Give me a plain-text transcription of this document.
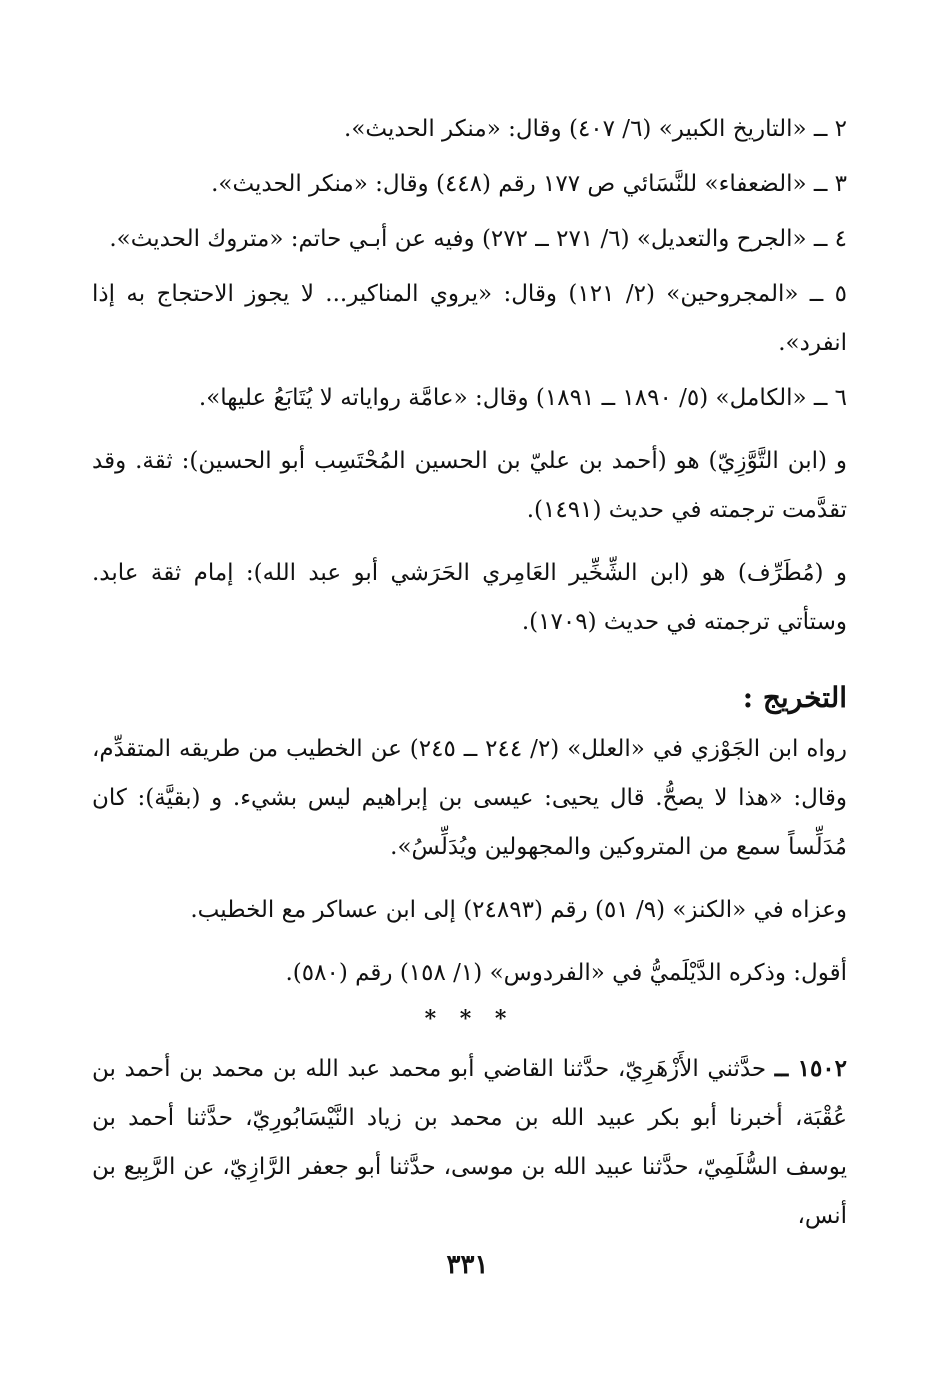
٢ ــ «التاريخ الكبير» (٦/ ٤٠٧) وقال: «منكر الحديث».

٣ ــ «الضعفاء» للنَّسَائي ص ١٧٧ رقم (٤٤٨) وقال: «منكر الحديث».

٤ ــ «الجرح والتعديل» (٦/ ٢٧١ ــ ٢٧٢) وفيه عن أبـي حاتم: «متروك الحديث».

٥ ــ «المجروحين» (٢/ ١٢١) وقال: «يروي المناكير... لا يجوز الاحتجاج به إذا انفرد».

٦ ــ «الكامل» (٥/ ١٨٩٠ ــ ١٨٩١) وقال: «عامَّة رواياته لا يُتَابَعُ عليها».

و (ابن التَّوَّزِيّ) هو (أحمد بن عليّ بن الحسين المُحْتَسِب أبو الحسين): ثقة. وقد تقدَّمت ترجمته في حديث (١٤٩١).

و (مُطَرِّف) هو (ابن الشِّخِّير العَامِري الحَرَشي أبو عبد الله): إمام ثقة عابد. وستأتي ترجمته في حديث (١٧٠٩).

التخريج :

رواه ابن الجَوْزي في «العلل» (٢/ ٢٤٤ ــ ٢٤٥) عن الخطيب من طريقه المتقدِّم، وقال: «هذا لا يصحُّ. قال يحيى: عيسى بن إبراهيم ليس بشيء. و (بقيَّة): كان مُدَلِّساً سمع من المتروكين والمجهولين ويُدَلِّسُ».

وعزاه في «الكنز» (٩/ ٥١) رقم (٢٤٨٩٣) إلى ابن عساكر مع الخطيب.

أقول: وذكره الدَّيْلَميُّ في «الفردوس» (١/ ١٥٨) رقم (٥٨٠).

* * *

١٥٠٢ ــ حدَّثني الأَزْهَرِيّ، حدَّثنا القاضي أبو محمد عبد الله بن محمد بن أحمد بن عُقْبَة، أخبرنا أبو بكر عبيد الله بن محمد بن زياد النَّيْسَابُورِيّ، حدَّثنا أحمد بن يوسف السُّلَمِيّ، حدَّثنا عبيد الله بن موسى، حدَّثنا أبو جعفر الرَّازِيّ، عن الرَّبِيع بن أنس،

٣٣١
